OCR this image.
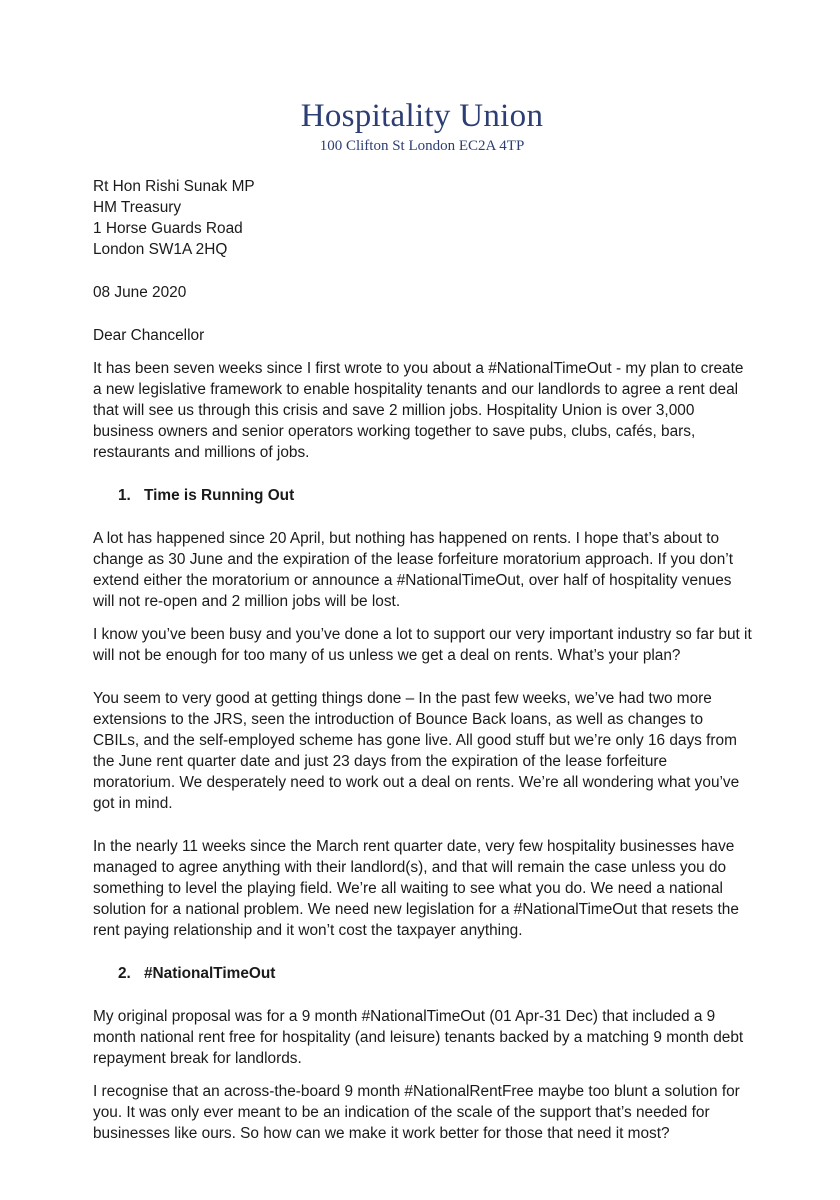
Hospitality Union
100 Clifton St London EC2A 4TP
Rt Hon Rishi Sunak MP
HM Treasury
1 Horse Guards Road
London SW1A 2HQ
08 June 2020
Dear Chancellor

It has been seven weeks since I first wrote to you about a #NationalTimeOut - my plan to create a new legislative framework to enable hospitality tenants and our landlords to agree a rent deal that will see us through this crisis and save 2 million jobs. Hospitality Union is over 3,000 business owners and senior operators working together to save pubs, clubs, cafés, bars, restaurants and millions of jobs.

1. Time is Running Out

A lot has happened since 20 April, but nothing has happened on rents. I hope that’s about to change as 30 June and the expiration of the lease forfeiture moratorium approach. If you don’t extend either the moratorium or announce a #NationalTimeOut, over half of hospitality venues will not re-open and 2 million jobs will be lost.

I know you’ve been busy and you’ve done a lot to support our very important industry so far but it will not be enough for too many of us unless we get a deal on rents. What’s your plan?

You seem to very good at getting things done – In the past few weeks, we’ve had two more extensions to the JRS, seen the introduction of Bounce Back loans, as well as changes to CBILs, and the self-employed scheme has gone live. All good stuff but we’re only 16 days from the June rent quarter date and just 23 days from the expiration of the lease forfeiture moratorium. We desperately need to work out a deal on rents. We’re all wondering what you’ve got in mind.

In the nearly 11 weeks since the March rent quarter date, very few hospitality businesses have managed to agree anything with their landlord(s), and that will remain the case unless you do something to level the playing field. We’re all waiting to see what you do. We need a national solution for a national problem. We need new legislation for a #NationalTimeOut that resets the rent paying relationship and it won’t cost the taxpayer anything.

2. #NationalTimeOut

My original proposal was for a 9 month #NationalTimeOut (01 Apr-31 Dec) that included a 9 month national rent free for hospitality (and leisure) tenants backed by a matching 9 month debt repayment break for landlords.

I recognise that an across-the-board 9 month #NationalRentFree maybe too blunt a solution for you. It was only ever meant to be an indication of the scale of the support that’s needed for businesses like ours. So how can we make it work better for those that need it most?
